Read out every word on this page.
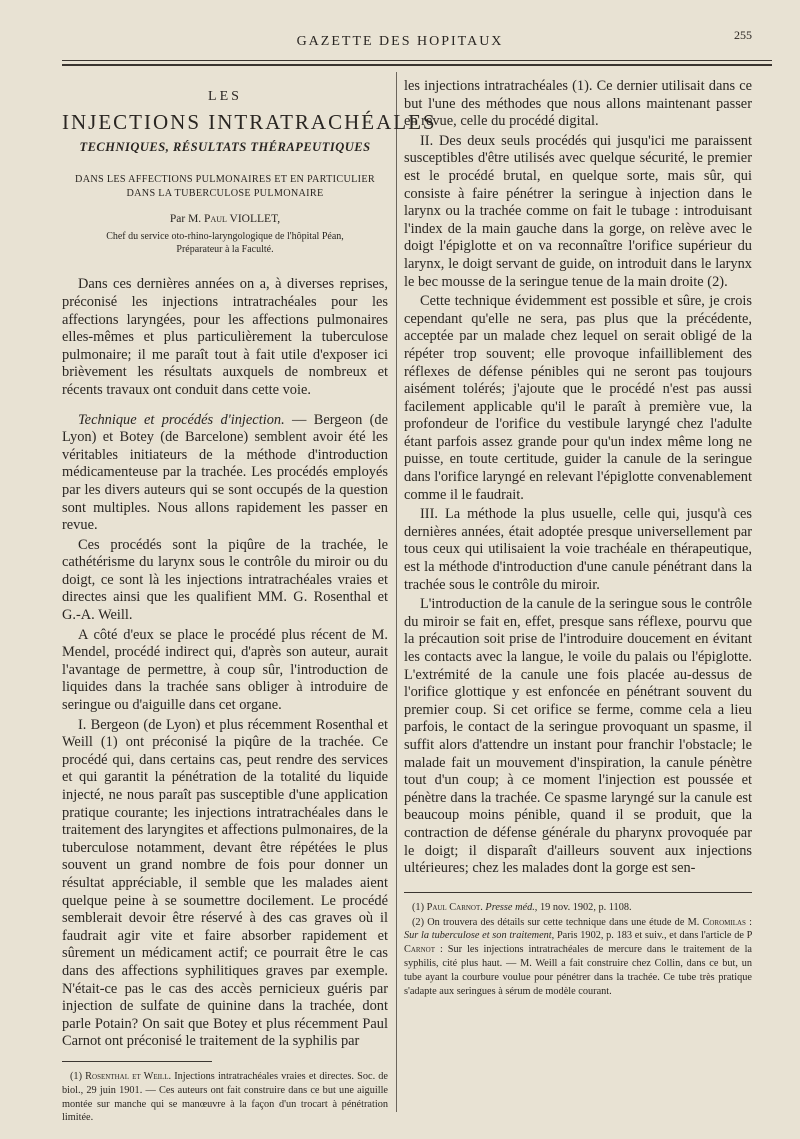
GAZETTE DES HOPITAUX	255
LES
INJECTIONS INTRATRACHÉALES
TECHNIQUES, RÉSULTATS THÉRAPEUTIQUES
DANS LES AFFECTIONS PULMONAIRES ET EN PARTICULIER
DANS LA TUBERCULOSE PULMONAIRE
Par M. Paul VIOLLET,
Chef du service oto-rhino-laryngologique de l'hôpital Péan,
Préparateur à la Faculté.

Dans ces dernières années on a, à diverses reprises, préconisé les injections intratrachéales pour les affections laryngées, pour les affections pulmonaires elles-mêmes et plus particulièrement la tuberculose pulmonaire; il me paraît tout à fait utile d'exposer ici brièvement les résultats auxquels de nombreux et récents travaux ont conduit dans cette voie.

Technique et procédés d'injection. — Bergeon (de Lyon) et Botey (de Barcelone) semblent avoir été les véritables initiateurs de la méthode d'introduction médicamenteuse par la trachée. Les procédés employés par les divers auteurs qui se sont occupés de la question sont multiples. Nous allons rapidement les passer en revue.

Ces procédés sont la piqûre de la trachée, le cathétérisme du larynx sous le contrôle du miroir ou du doigt, ce sont là les injections intratrachéales vraies et directes ainsi que les qualifient MM. G. Rosenthal et G.-A. Weill.

A côté d'eux se place le procédé plus récent de M. Mendel, procédé indirect qui, d'après son auteur, aurait l'avantage de permettre, à coup sûr, l'introduction de liquides dans la trachée sans obliger à introduire de seringue ou d'aiguille dans cet organe.

I. Bergeon (de Lyon) et plus récemment Rosenthal et Weill (1) ont préconisé la piqûre de la trachée. Ce procédé qui, dans certains cas, peut rendre des services et qui garantit la pénétration de la totalité du liquide injecté, ne nous paraît pas susceptible d'une application pratique courante; les injections intratrachéales dans le traitement des laryngites et affections pulmonaires, de la tuberculose notamment, devant être répétées le plus souvent un grand nombre de fois pour donner un résultat appréciable, il semble que les malades aient quelque peine à se soumettre docilement. Le procédé semblerait devoir être réservé à des cas graves où il faudrait agir vite et faire absorber rapidement et sûrement un médicament actif; ce pourrait être le cas dans des affections syphilitiques graves par exemple. N'était-ce pas le cas des accès pernicieux guéris par injection de sulfate de quinine dans la trachée, dont parle Potain? On sait que Botey et plus récemment Paul Carnot ont préconisé le traitement de la syphilis par

(1) Rosenthal et Weill. Injections intratrachéales vraies et directes. Soc. de biol., 29 juin 1901. — Ces auteurs ont fait construire dans ce but une aiguille montée sur manche qui se manœuvre à la façon d'un trocart à pénétration limitée.

les injections intratrachéales (1). Ce dernier utilisait dans ce but l'une des méthodes que nous allons maintenant passer en revue, celle du procédé digital.

II. Des deux seuls procédés qui jusqu'ici me paraissent susceptibles d'être utilisés avec quelque sécurité, le premier est le procédé brutal, en quelque sorte, mais sûr, qui consiste à faire pénétrer la seringue à injection dans le larynx ou la trachée comme on fait le tubage : introduisant l'index de la main gauche dans la gorge, on relève avec le doigt l'épiglotte et on va reconnaître l'orifice supérieur du larynx, le doigt servant de guide, on introduit dans le larynx le bec mousse de la seringue tenue de la main droite (2).

Cette technique évidemment est possible et sûre, je crois cependant qu'elle ne sera, pas plus que la précédente, acceptée par un malade chez lequel on serait obligé de la répéter trop souvent; elle provoque infailliblement des réflexes de défense pénibles qui ne seront pas toujours aisément tolérés; j'ajoute que le procédé n'est pas aussi facilement applicable qu'il le paraît à première vue, la profondeur de l'orifice du vestibule laryngé chez l'adulte étant parfois assez grande pour qu'un index même long ne puisse, en toute certitude, guider la canule de la seringue dans l'orifice laryngé en relevant l'épiglotte convenablement comme il le faudrait.

III. La méthode la plus usuelle, celle qui, jusqu'à ces dernières années, était adoptée presque universellement par tous ceux qui utilisaient la voie trachéale en thérapeutique, est la méthode d'introduction d'une canule pénétrant dans la trachée sous le contrôle du miroir.

L'introduction de la canule de la seringue sous le contrôle du miroir se fait en, effet, presque sans réflexe, pourvu que la précaution soit prise de l'introduire doucement en évitant les contacts avec la langue, le voile du palais ou l'épiglotte. L'extrémité de la canule une fois placée au-dessus de l'orifice glottique y est enfoncée en pénétrant souvent du premier coup. Si cet orifice se ferme, comme cela a lieu parfois, le contact de la seringue provoquant un spasme, il suffit alors d'attendre un instant pour franchir l'obstacle; le malade fait un mouvement d'inspiration, la canule pénètre tout d'un coup; à ce moment l'injection est poussée et pénètre dans la trachée. Ce spasme laryngé sur la canule est beaucoup moins pénible, quand il se produit, que la contraction de défense générale du pharynx provoquée par le doigt; il disparaît d'ailleurs souvent aux injections ultérieures; chez les malades dont la gorge est sen-

(1) Paul Carnot. Presse méd., 19 nov. 1902, p. 1108.

(2) On trouvera des détails sur cette technique dans une étude de M. Coromilas : Sur la tuberculose et son traitement, Paris 1902, p. 183 et suiv., et dans l'article de P Carnot : Sur les injections intratrachéales de mercure dans le traitement de la syphilis, cité plus haut. — M. Weill a fait construire chez Collin, dans ce but, un tube ayant la courbure voulue pour pénétrer dans la trachée. Ce tube très pratique s'adapte aux seringues à sérum de modèle courant.
